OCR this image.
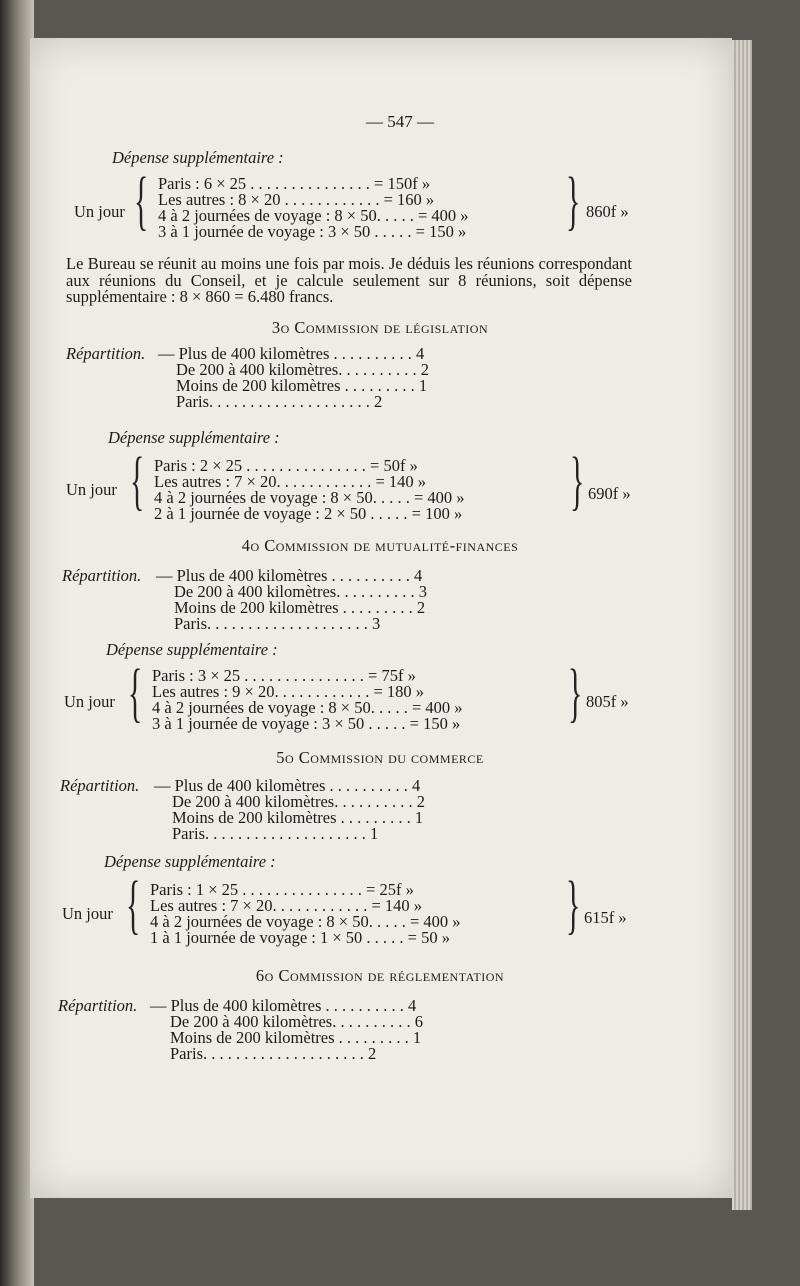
— 547 —
Dépense supplémentaire :
Un jour { Paris : 6 × 25 . . . . . . . . . . . . . . . = 150f »
Les autres : 8 × 20 . . . . . . . . . . . . = 160 »
4 à 2 journées de voyage : 8 × 50. . . . . = 400 »
3 à 1 journée de voyage : 3 × 50 . . . . . = 150 » } 860f »
Le Bureau se réunit au moins une fois par mois. Je déduis les réunions correspondant aux réunions du Conseil, et je calcule seulement sur 8 réunions, soit dépense supplémentaire : 8 × 860 = 6.480 francs.
3o Commission de législation
Répartition. — Plus de 400 kilomètres . . . . . . . . . . 4
De 200 à 400 kilomètres. . . . . . . . . . 2
Moins de 200 kilomètres . . . . . . . . . 1
Paris. . . . . . . . . . . . . . . . . . . . 2
Dépense supplémentaire :
Un jour { Paris : 2 × 25 . . . . . . . . . . . . . . . = 50f »
Les autres : 7 × 20. . . . . . . . . . . . = 140 »
4 à 2 journées de voyage : 8 × 50. . . . . = 400 »
2 à 1 journée de voyage : 2 × 50 . . . . . = 100 » } 690f »
4o Commission de mutualité-finances
Répartition. — Plus de 400 kilomètres . . . . . . . . . . 4
De 200 à 400 kilomètres. . . . . . . . . . 3
Moins de 200 kilomètres . . . . . . . . . 2
Paris. . . . . . . . . . . . . . . . . . . . 3
Dépense supplémentaire :
Un jour { Paris : 3 × 25 . . . . . . . . . . . . . . . = 75f »
Les autres : 9 × 20. . . . . . . . . . . . = 180 »
4 à 2 journées de voyage : 8 × 50. . . . . = 400 »
3 à 1 journée de voyage : 3 × 50 . . . . . = 150 » } 805f »
5o Commission du commerce
Répartition. — Plus de 400 kilomètres . . . . . . . . . . 4
De 200 à 400 kilomètres. . . . . . . . . . 2
Moins de 200 kilomètres . . . . . . . . . 1
Paris. . . . . . . . . . . . . . . . . . . . 1
Dépense supplémentaire :
Un jour { Paris : 1 × 25 . . . . . . . . . . . . . . . = 25f »
Les autres : 7 × 20. . . . . . . . . . . . = 140 »
4 à 2 journées de voyage : 8 × 50. . . . . = 400 »
1 à 1 journée de voyage : 1 × 50 . . . . . = 50 » } 615f »
6o Commission de réglementation
Répartition. — Plus de 400 kilomètres . . . . . . . . . . 4
De 200 à 400 kilomètres. . . . . . . . . . 6
Moins de 200 kilomètres . . . . . . . . . 1
Paris. . . . . . . . . . . . . . . . . . . . 2
